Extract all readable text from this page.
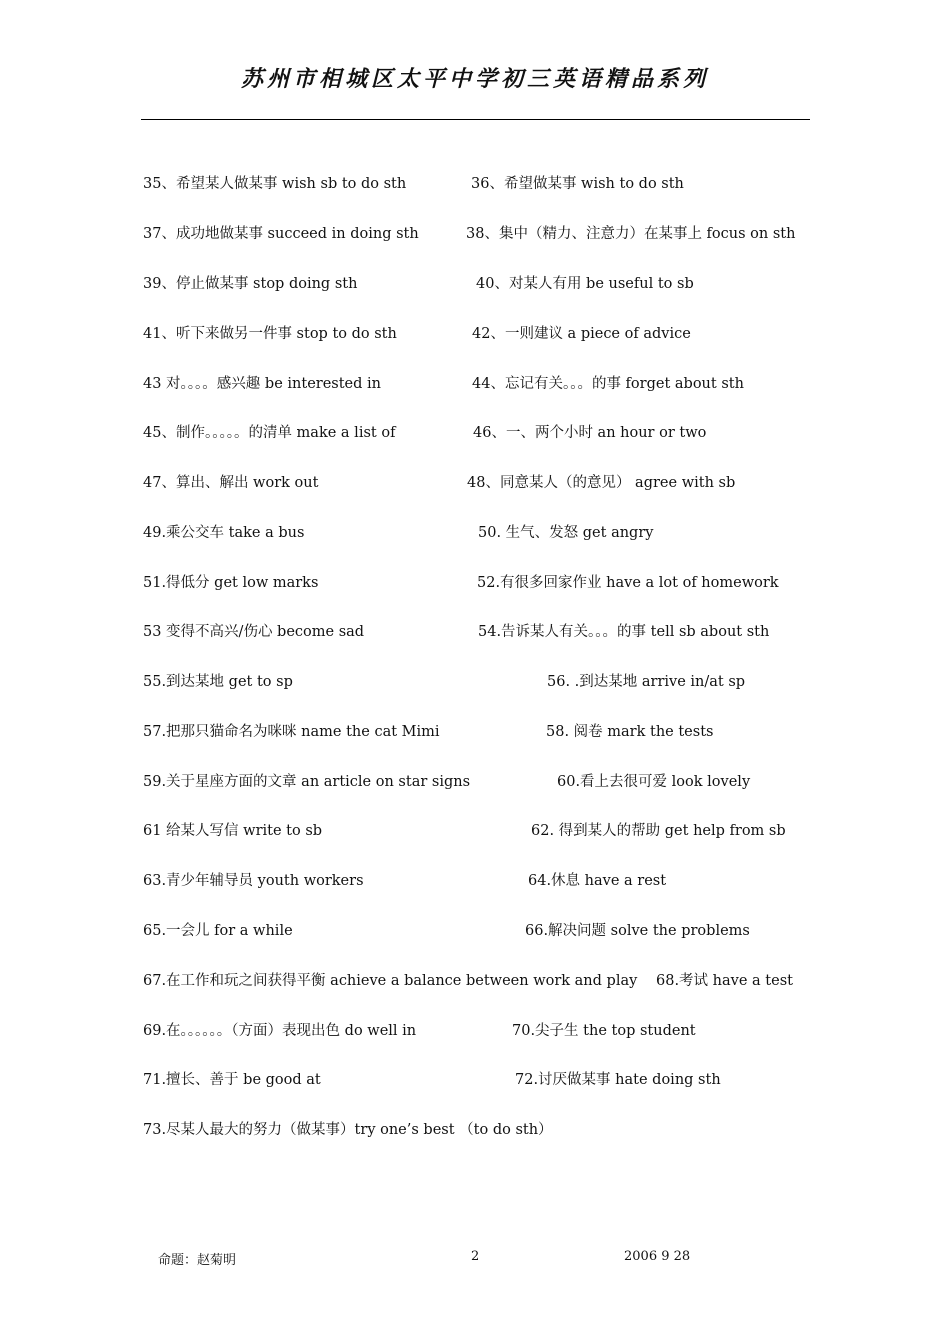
苏州市相城区太平中学初三英语精品系列
35、希望某人做某事 wish sb to do sth	36、希望做某事 wish to do sth
37、成功地做某事 succeed in doing sth	38、集中（精力、注意力）在某事上 focus on sth
39、停止做某事 stop doing sth	40、对某人有用 be useful to sb
41、听下来做另一件事 stop to do sth	42、一则建议 a piece of advice
43 对。。。。感兴趣 be interested in	44、忘记有关。。。的事 forget about sth
45、制作。。。。。的清单 make a list of	46、一、两个小时 an hour or two
47、算出、解出 work out	48、同意某人（的意见） agree with sb
49.乘公交车 take a bus	50. 生气、发怒 get angry
51.得低分 get low marks	52.有很多回家作业 have a lot of homework
53 变得不高兴/伤心 become sad	54.告诉某人有关。。。的事 tell sb about sth
55.到达某地 get to sp	56. .到达某地 arrive in/at sp
57.把那只猫命名为咪咪 name the cat Mimi	58. 阅卷 mark the tests
59.关于星座方面的文章 an article on star signs	60.看上去很可爱 look lovely
61 给某人写信 write to sb	62. 得到某人的帮助 get help from sb
63.青少年辅导员 youth workers	64.休息 have a rest
65.一会儿 for a while	66.解决问题 solve the problems
67.在工作和玩之间获得平衡 achieve a balance between work and play 68.考试 have a test
69.在。。。。。。（方面）表现出色 do well in	70.尖子生 the top student
71.擅长、善于 be good at	72.讨厌做某事 hate doing sth
73.尽某人最大的努力（做某事）try one’s best （to do sth）
命题：赵菊明	2	2006 9 28
